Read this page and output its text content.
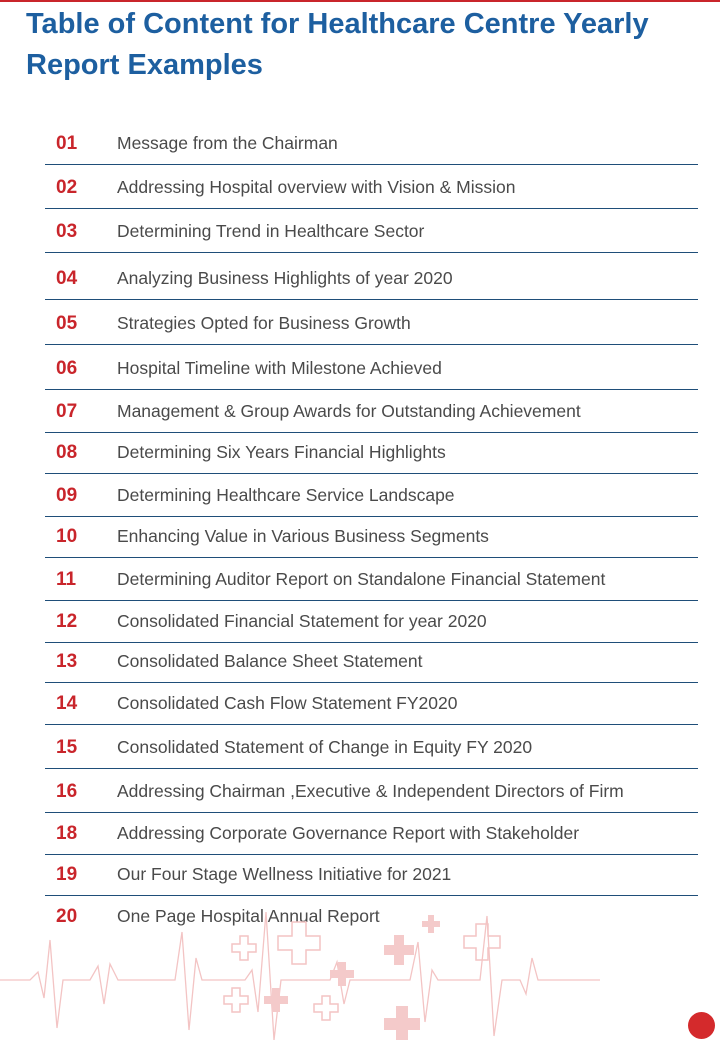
Table of Content for Healthcare Centre Yearly Report Examples
01 Message from the Chairman
02 Addressing Hospital overview with Vision & Mission
03 Determining Trend in Healthcare Sector
04 Analyzing Business Highlights of year 2020
05 Strategies Opted for Business Growth
06 Hospital Timeline with Milestone Achieved
07 Management & Group Awards for Outstanding Achievement
08 Determining Six Years Financial Highlights
09 Determining Healthcare Service Landscape
10 Enhancing Value in Various Business Segments
11 Determining Auditor Report on Standalone Financial Statement
12 Consolidated Financial Statement for year 2020
13 Consolidated Balance Sheet Statement
14 Consolidated Cash Flow Statement FY2020
15 Consolidated Statement of Change in Equity FY 2020
16 Addressing Chairman ,Executive & Independent Directors of Firm
18 Addressing Corporate Governance Report with Stakeholder
19 Our Four Stage Wellness Initiative for 2021
20 One Page Hospital Annual Report
